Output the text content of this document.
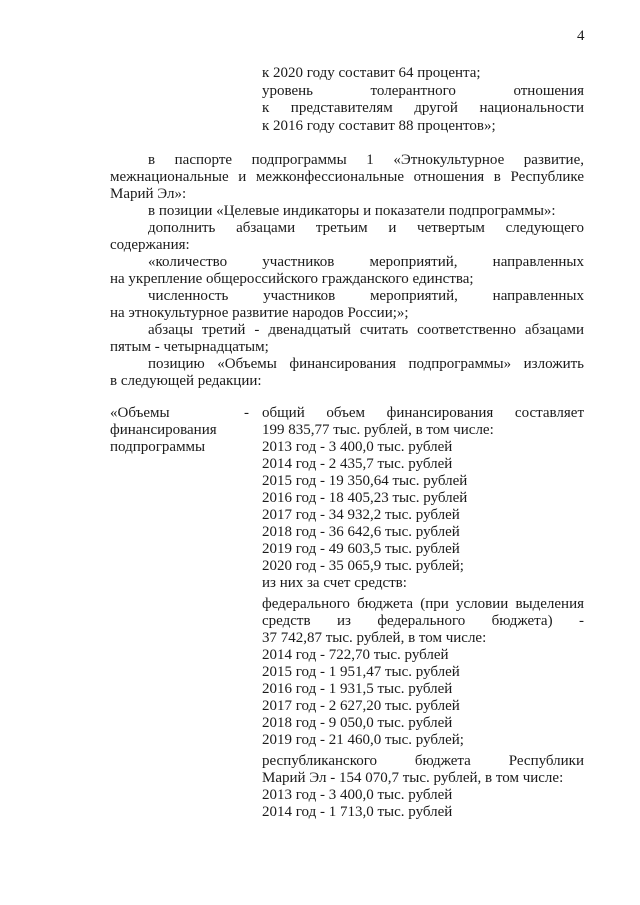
4
к 2020 году составит 64 процента;
уровень толерантного отношения
к представителям другой национальности
к 2016 году составит 88 процентов»;
в паспорте подпрограммы 1 «Этнокультурное развитие,
межнациональные и межконфессиональные отношения в Республике
Марий Эл»:
в позиции «Целевые индикаторы и показатели подпрограммы»:
дополнить абзацами третьим и четвертым следующего
содержания:
«количество участников мероприятий, направленных
на укрепление общероссийского гражданского единства;
численность участников мероприятий, направленных
на этнокультурное развитие народов России;»;
абзацы третий - двенадцатый считать соответственно абзацами
пятым - четырнадцатым;
позицию «Объемы финансирования подпрограммы» изложить
в следующей редакции:
«Объемы
финансирования
подпрограммы
- общий объем финансирования составляет
199 835,77 тыс. рублей, в том числе:
2013 год - 3 400,0 тыс. рублей
2014 год - 2 435,7 тыс. рублей
2015 год - 19 350,64 тыс. рублей
2016 год - 18 405,23 тыс. рублей
2017 год - 34 932,2 тыс. рублей
2018 год - 36 642,6 тыс. рублей
2019 год - 49 603,5 тыс. рублей
2020 год - 35 065,9 тыс. рублей;
из них за счет средств:
федерального бюджета (при условии выделения
средств из федерального бюджета) -
37 742,87 тыс. рублей, в том числе:
2014 год - 722,70 тыс. рублей
2015 год - 1 951,47 тыс. рублей
2016 год - 1 931,5 тыс. рублей
2017 год - 2 627,20 тыс. рублей
2018 год - 9 050,0 тыс. рублей
2019 год - 21 460,0 тыс. рублей;
республиканского бюджета Республики
Марий Эл - 154 070,7 тыс. рублей, в том числе:
2013 год - 3 400,0 тыс. рублей
2014 год - 1 713,0 тыс. рублей
